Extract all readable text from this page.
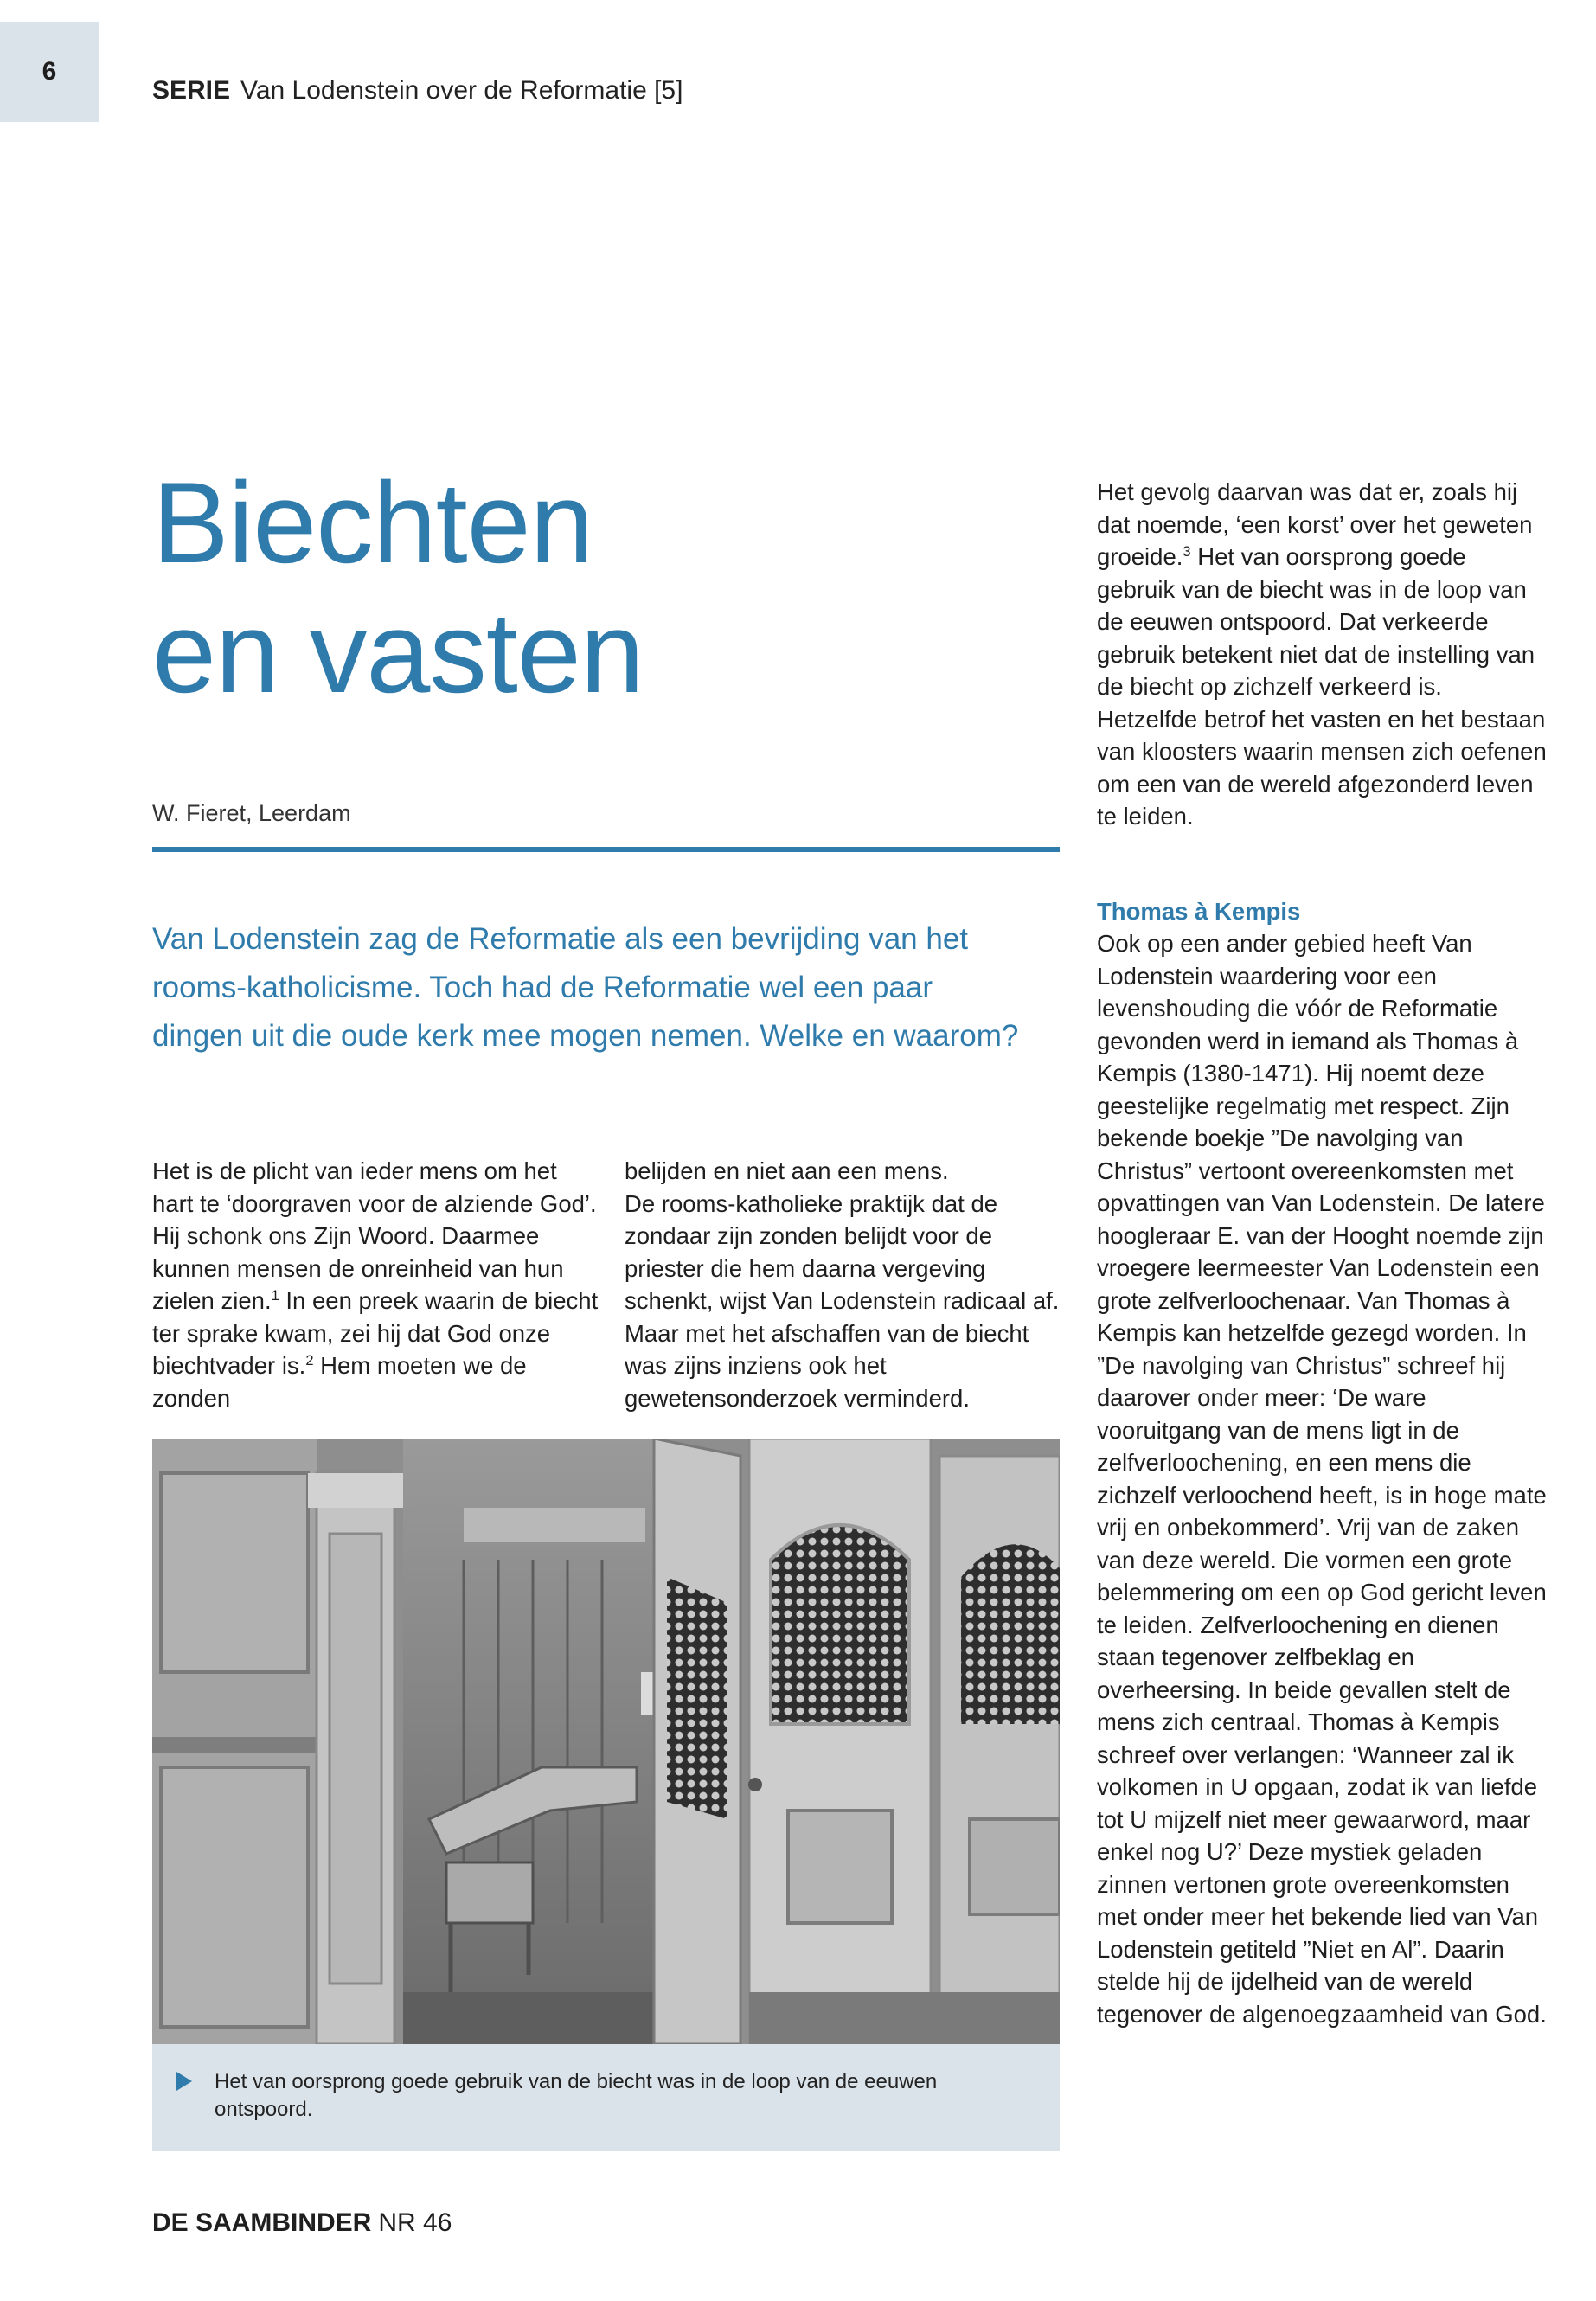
6
SERIE Van Lodenstein over de Reformatie [5]
Biechten
en vasten
W. Fieret, Leerdam

Van Lodenstein zag de Reformatie als een bevrijding van het rooms-katholicisme. Toch had de Reformatie wel een paar dingen uit die oude kerk mee mogen nemen. Welke en waarom?

Het is de plicht van ieder mens om het hart te ‘doorgraven voor de alziende God’. Hij schonk ons Zijn Woord. Daarmee kunnen mensen de onreinheid van hun zielen zien.$^1$ In een preek waarin de biecht ter sprake kwam, zei hij dat God onze biechtvader is.$^2$ Hem moeten we de zonden

belijden en niet aan een mens.
De rooms-katholieke praktijk dat de zondaar zijn zonden belijdt voor de priester die hem daarna vergeving schenkt, wijst Van Lodenstein radicaal af. Maar met het afschaffen van de biecht was zijns inziens ook het gewetensonderzoek verminderd.

Het gevolg daarvan was dat er, zoals hij dat noemde, ‘een korst’ over het geweten groeide.$^3$ Het van oorsprong goede gebruik van de biecht was in de loop van de eeuwen ontspoord. Dat verkeerde gebruik betekent niet dat de instelling van de biecht op zichzelf verkeerd is. Hetzelfde betrof het vasten en het bestaan van kloosters waarin mensen zich oefenen om een van de wereld afgezonderd leven te leiden.

Thomas à Kempis

Ook op een ander gebied heeft Van Lodenstein waardering voor een levenshouding die vóór de Reformatie gevonden werd in iemand als Thomas à Kempis (1380-1471). Hij noemt deze geestelijke regelmatig met respect. Zijn bekende boekje ”De navolging van Christus” vertoont overeenkomsten met opvattingen van Van Lodenstein. De latere hoogleraar E. van der Hooght noemde zijn vroegere leermeester Van Lodenstein een grote zelfverloochenaar. Van Thomas à Kempis kan hetzelfde gezegd worden. In ”De navolging van Christus” schreef hij daarover onder meer: ‘De ware vooruitgang van de mens ligt in de zelfverloochening, en een mens die zichzelf verloochend heeft, is in hoge mate vrij en onbekommerd’. Vrij van de zaken van deze wereld. Die vormen een grote belemmering om een op God gericht leven te leiden. Zelfverloochening en dienen staan tegenover zelfbeklag en overheersing. In beide gevallen stelt de mens zich centraal. Thomas à Kempis schreef over verlangen: ‘Wanneer zal ik volkomen in U opgaan, zodat ik van liefde tot U mijzelf niet meer gewaarword, maar enkel nog U?’ Deze mystiek geladen zinnen vertonen grote overeenkomsten met onder meer het bekende lied van Van Lodenstein getiteld ”Niet en Al”. Daarin stelde hij de ijdelheid van de wereld tegenover de algenoegzaamheid van God.

Het van oorsprong goede gebruik van de biecht was in de loop van de eeuwen ontspoord.
DE SAAMBINDER NR 46
